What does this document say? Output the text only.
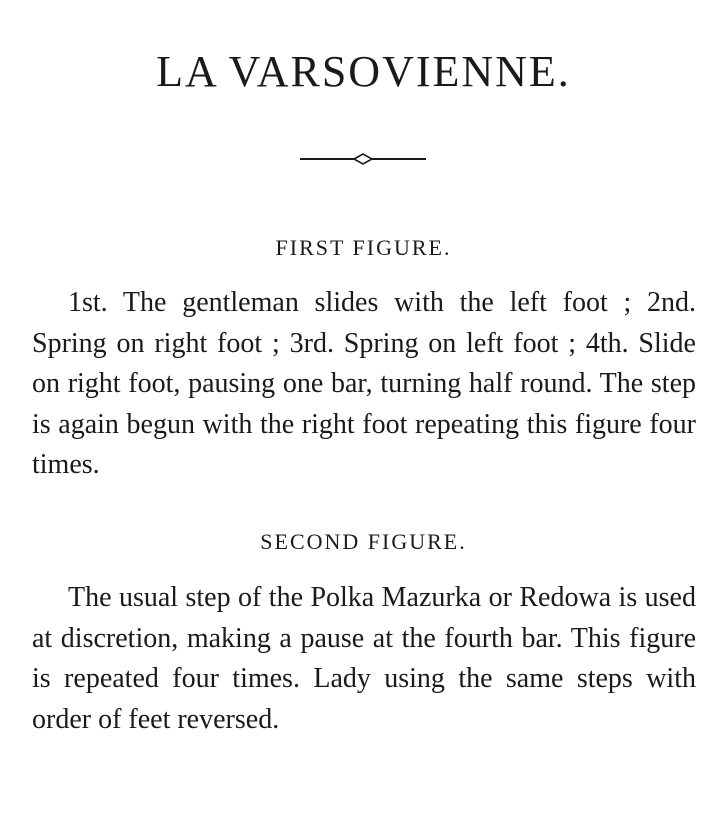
LA VARSOVIENNE.
FIRST FIGURE.

1st. The gentleman slides with the left foot ; 2nd. Spring on right foot ; 3rd. Spring on left foot ; 4th. Slide on right foot, pausing one bar, turning half round. The step is again begun with the right foot repeating this figure four times.

SECOND FIGURE.

The usual step of the Polka Mazurka or Redowa is used at discretion, making a pause at the fourth bar. This figure is repeated four times. Lady using the same steps with order of feet reversed.
